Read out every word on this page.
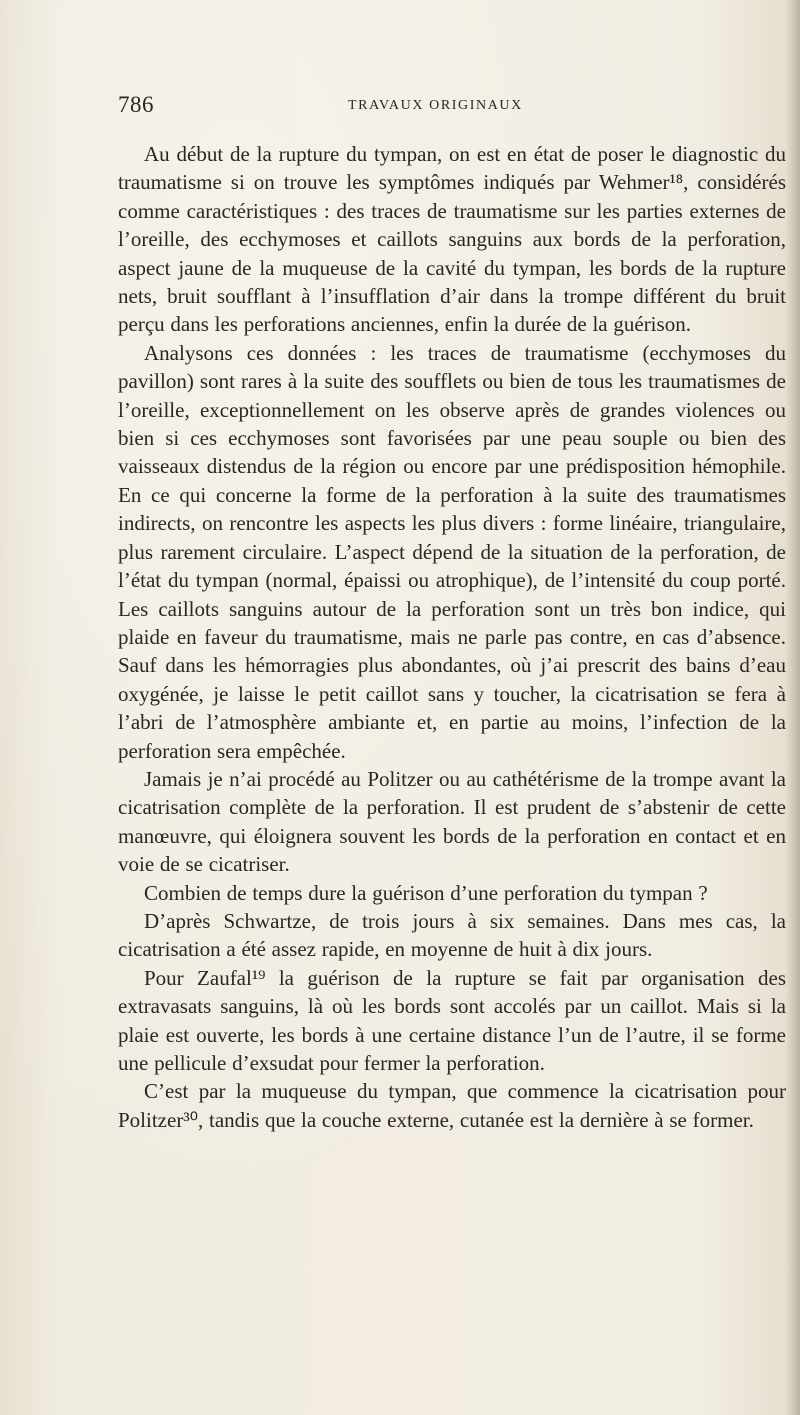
786	TRAVAUX ORIGINAUX

Au début de la rupture du tympan, on est en état de poser le diagnostic du traumatisme si on trouve les symptômes indiqués par Wehmer¹⁸, considérés comme caractéristiques : des traces de traumatisme sur les parties externes de l’oreille, des ecchymoses et caillots sanguins aux bords de la perforation, aspect jaune de la muqueuse de la cavité du tympan, les bords de la rupture nets, bruit soufflant à l’insufflation d’air dans la trompe différent du bruit perçu dans les perforations anciennes, enfin la durée de la guérison.

Analysons ces données : les traces de traumatisme (ecchymoses du pavillon) sont rares à la suite des soufflets ou bien de tous les traumatismes de l’oreille, exceptionnellement on les observe après de grandes violences ou bien si ces ecchymoses sont favorisées par une peau souple ou bien des vaisseaux distendus de la région ou encore par une prédisposition hémophile. En ce qui concerne la forme de la perforation à la suite des traumatismes indirects, on rencontre les aspects les plus divers : forme linéaire, triangulaire, plus rarement circulaire. L’aspect dépend de la situation de la perforation, de l’état du tympan (normal, épaissi ou atrophique), de l’intensité du coup porté. Les caillots sanguins autour de la perforation sont un très bon indice, qui plaide en faveur du traumatisme, mais ne parle pas contre, en cas d’absence. Sauf dans les hémorragies plus abondantes, où j’ai prescrit des bains d’eau oxygénée, je laisse le petit caillot sans y toucher, la cicatrisation se fera à l’abri de l’atmosphère ambiante et, en partie au moins, l’infection de la perforation sera empêchée.

Jamais je n’ai procédé au Politzer ou au cathétérisme de la trompe avant la cicatrisation complète de la perforation. Il est prudent de s’abstenir de cette manœuvre, qui éloignera souvent les bords de la perforation en contact et en voie de se cicatriser.

Combien de temps dure la guérison d’une perforation du tympan ?

D’après Schwartze, de trois jours à six semaines. Dans mes cas, la cicatrisation a été assez rapide, en moyenne de huit à dix jours.

Pour Zaufal¹⁹ la guérison de la rupture se fait par organisation des extravasats sanguins, là où les bords sont accolés par un caillot. Mais si la plaie est ouverte, les bords à une certaine distance l’un de l’autre, il se forme une pellicule d’exsudat pour fermer la perforation.

C’est par la muqueuse du tympan, que commence la cicatrisation pour Politzer³⁰, tandis que la couche externe, cutanée est la dernière à se former.
